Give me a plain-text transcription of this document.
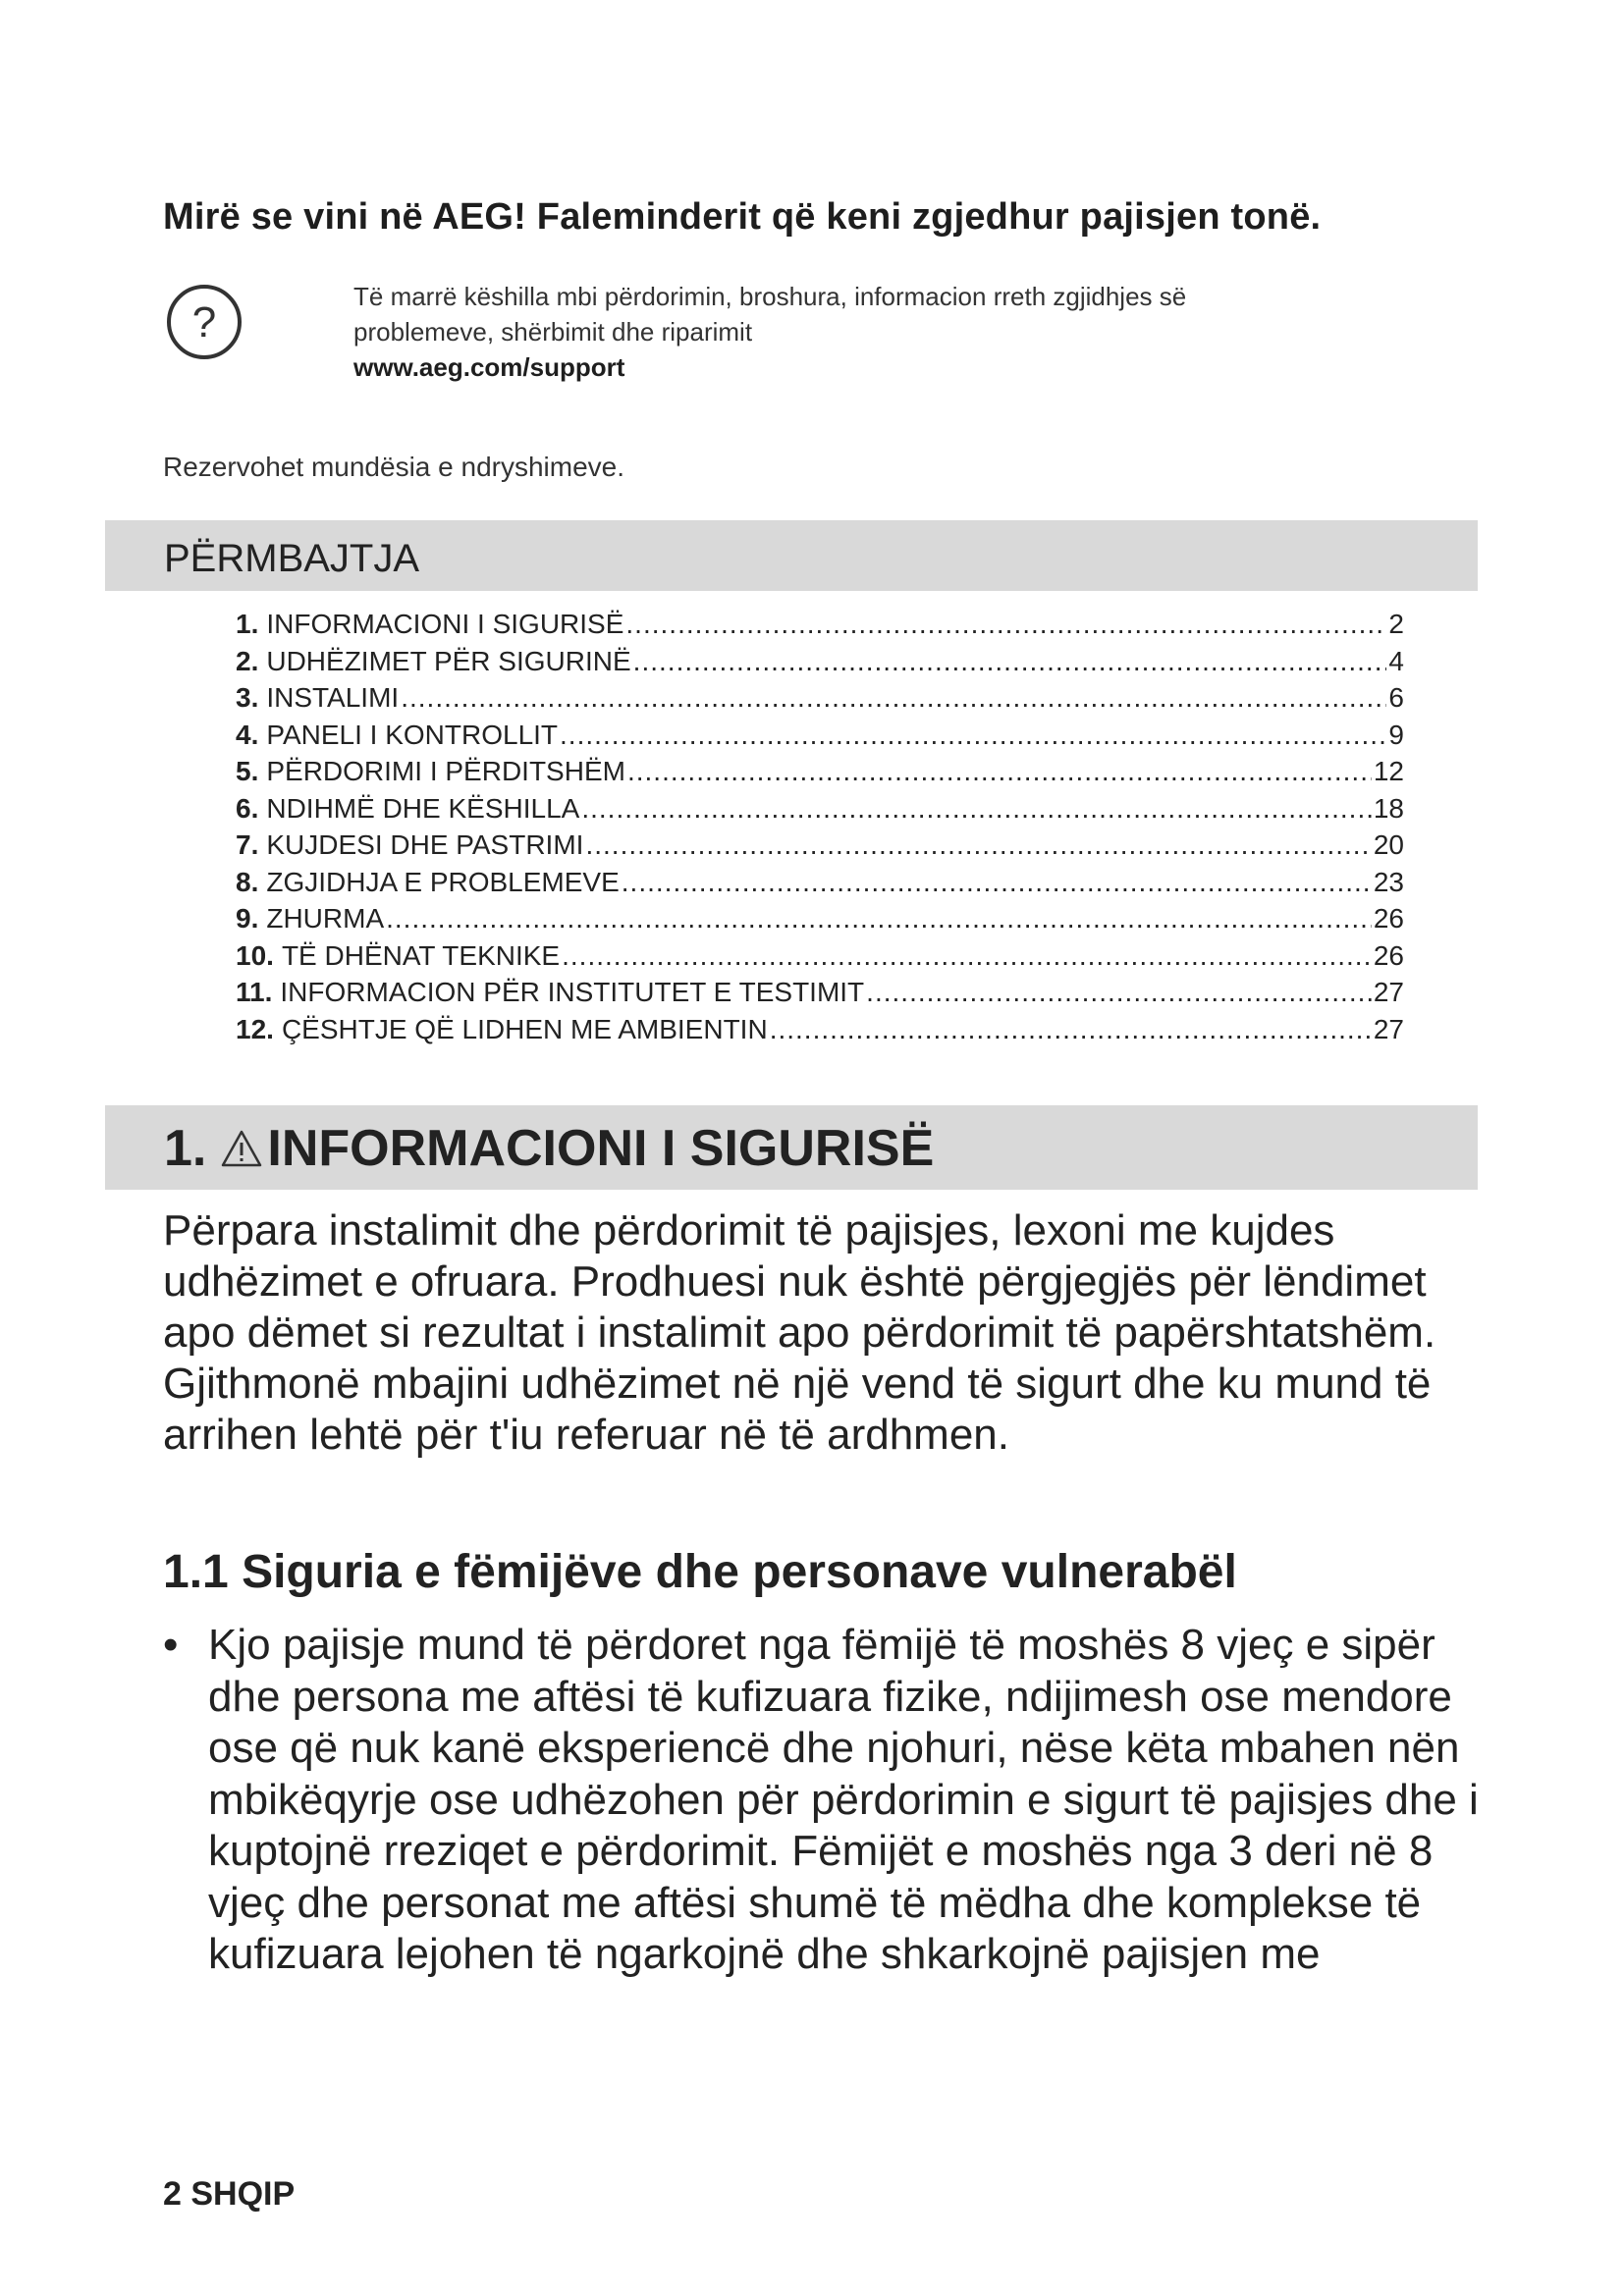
Mirë se vini në AEG! Faleminderit që keni zgjedhur pajisjen tonë.
?
Të marrë këshilla mbi përdorimin, broshura, informacion rreth zgjidhjes së
problemeve, shërbimit dhe riparimit
www.aeg.com/support
Rezervohet mundësia e ndryshimeve.
PËRMBAJTJA
1. INFORMACIONI I SIGURISË .....	2
2. UDHËZIMET PËR SIGURINË .....	4
3. INSTALIMI .....	6
4. PANELI I KONTROLLIT .....	9
5. PËRDORIMI I PËRDITSHËM .....	12
6. NDIHMË DHE KËSHILLA .....	18
7. KUJDESI DHE PASTRIMI .....	20
8. ZGJIDHJA E PROBLEMEVE .....	23
9. ZHURMA .....	26
10. TË DHËNAT TEKNIKE .....	26
11. INFORMACION PËR INSTITUTET E TESTIMIT .....	27
12. ÇËSHTJE QË LIDHEN ME AMBIENTIN .....	27
1. INFORMACIONI I SIGURISË

Përpara instalimit dhe përdorimit të pajisjes, lexoni me kujdes udhëzimet e ofruara. Prodhuesi nuk është përgjegjës për lëndimet apo dëmet si rezultat i instalimit apo përdorimit të papërshtatshëm. Gjithmonë mbajini udhëzimet në një vend të sigurt dhe ku mund të arrihen lehtë për t'iu referuar në të ardhmen.

1.1 Siguria e fëmijëve dhe personave vulnerabël
• Kjo pajisje mund të përdoret nga fëmijë të moshës 8 vjeç e sipër dhe persona me aftësi të kufizuara fizike, ndijimesh ose mendore ose që nuk kanë eksperiencë dhe njohuri, nëse këta mbahen nën mbikëqyrje ose udhëzohen për përdorimin e sigurt të pajisjes dhe i kuptojnë rreziqet e përdorimit. Fëmijët e moshës nga 3 deri në 8 vjeç dhe personat me aftësi shumë të mëdha dhe komplekse të kufizuara lejohen të ngarkojnë dhe shkarkojnë pajisjen me
2 SHQIP
